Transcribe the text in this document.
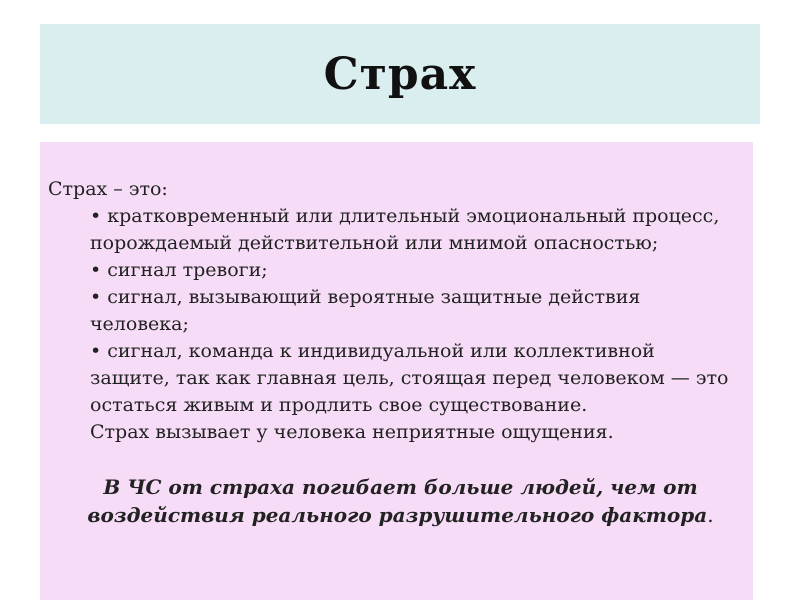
Страх

Страх – это:

• кратковременный или длительный эмоциональный процесс, порождаемый действительной или мнимой опасностью;
• сигнал тревоги;
• сигнал, вызывающий вероятные защитные действия человека;
• сигнал, команда к индивидуальной или коллективной защите, так как главная цель, стоящая перед человеком — это остаться живым и продлить свое существование.

Страх вызывает у человека неприятные ощущения.

В ЧС от страха погибает больше людей, чем от воздействия реального разрушительного фактора.
